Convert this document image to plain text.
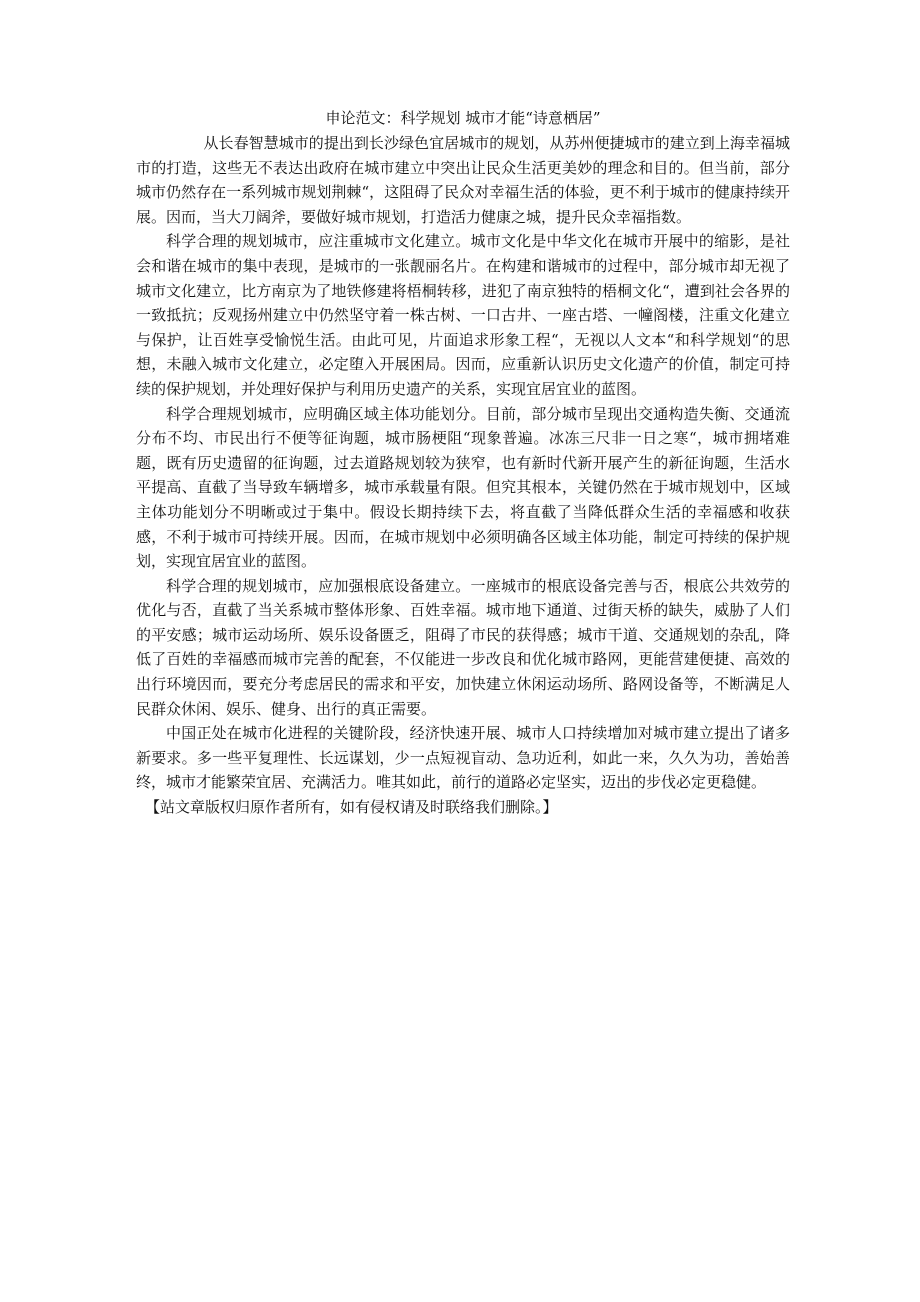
申论范文：科学规划 城市才能“诗意栖居”

从长春智慧城市的提出到长沙绿色宜居城市的规划，从苏州便捷城市的建立到上海幸福城市的打造，这些无不表达出政府在城市建立中突出让民众生活更美妙的理念和目的。但当前，部分城市仍然存在一系列城市规划荆棘“，这阻碍了民众对幸福生活的体验，更不利于城市的健康持续开展。因而，当大刀阔斧，要做好城市规划，打造活力健康之城，提升民众幸福指数。

科学合理的规划城市，应注重城市文化建立。城市文化是中华文化在城市开展中的缩影，是社会和谐在城市的集中表现，是城市的一张靓丽名片。在构建和谐城市的过程中，部分城市却无视了城市文化建立，比方南京为了地铁修建将梧桐转移，进犯了南京独特的梧桐文化“，遭到社会各界的一致抵抗；反观扬州建立中仍然坚守着一株古树、一口古井、一座古塔、一幢阁楼，注重文化建立与保护，让百姓享受愉悦生活。由此可见，片面追求形象工程“，无视以人文本“和科学规划“的思想，未融入城市文化建立，必定堕入开展困局。因而，应重新认识历史文化遗产的价值，制定可持续的保护规划，并处理好保护与利用历史遗产的关系，实现宜居宜业的蓝图。

科学合理规划城市，应明确区域主体功能划分。目前，部分城市呈现出交通构造失衡、交通流分布不均、市民出行不便等征询题，城市肠梗阻“现象普遍。冰冻三尺非一日之寒“，城市拥堵难题，既有历史遗留的征询题，过去道路规划较为狭窄，也有新时代新开展产生的新征询题，生活水平提高、直截了当导致车辆增多，城市承载量有限。但究其根本，关键仍然在于城市规划中，区域主体功能划分不明晰或过于集中。假设长期持续下去，将直截了当降低群众生活的幸福感和收获感，不利于城市可持续开展。因而，在城市规划中必须明确各区域主体功能，制定可持续的保护规划，实现宜居宜业的蓝图。

科学合理的规划城市，应加强根底设备建立。一座城市的根底设备完善与否，根底公共效劳的优化与否，直截了当关系城市整体形象、百姓幸福。城市地下通道、过街天桥的缺失，威胁了人们的平安感；城市运动场所、娱乐设备匮乏，阻碍了市民的获得感；城市干道、交通规划的杂乱，降低了百姓的幸福感而城市完善的配套，不仅能进一步改良和优化城市路网，更能营建便捷、高效的出行环境因而，要充分考虑居民的需求和平安，加快建立休闲运动场所、路网设备等，不断满足人民群众休闲、娱乐、健身、出行的真正需要。

中国正处在城市化进程的关键阶段，经济快速开展、城市人口持续增加对城市建立提出了诸多新要求。多一些平复理性、长远谋划，少一点短视盲动、急功近利，如此一来，久久为功，善始善终，城市才能繁荣宜居、充满活力。唯其如此，前行的道路必定坚实，迈出的步伐必定更稳健。

【站文章版权归原作者所有，如有侵权请及时联络我们删除。】
